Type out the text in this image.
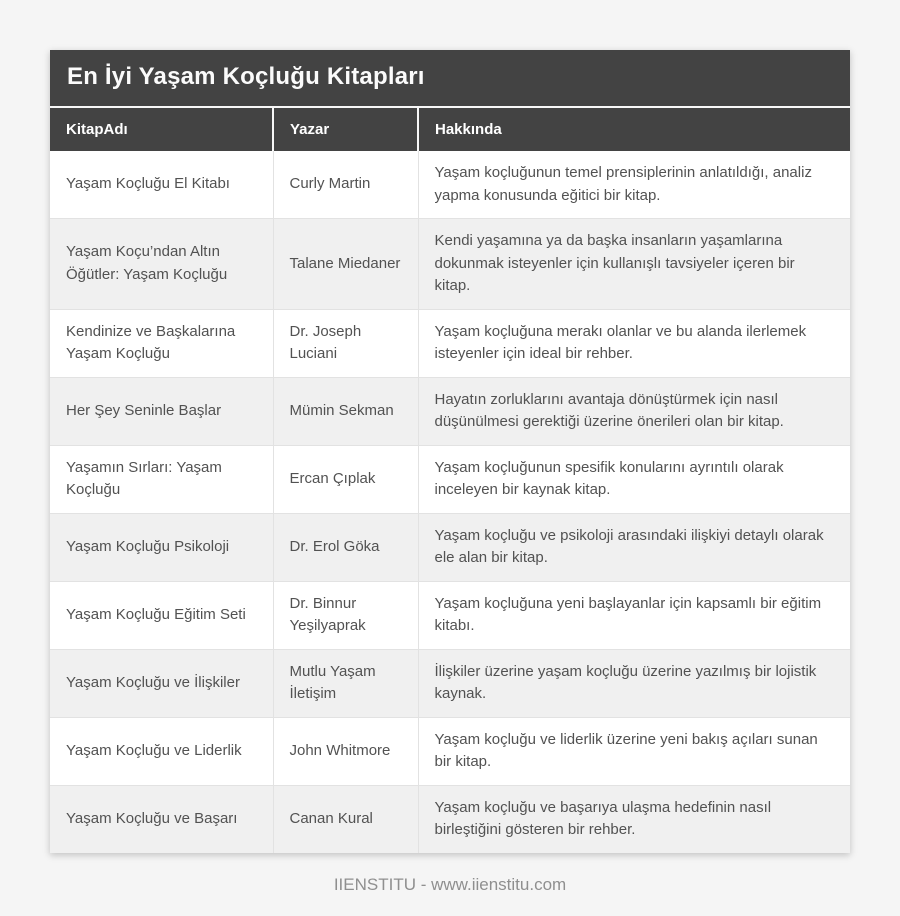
En İyi Yaşam Koçluğu Kitapları
KitapAdı	Yazar	Hakkında
Yaşam Koçluğu El Kitabı	Curly Martin	Yaşam koçluğunun temel prensiplerinin anlatıldığı, analiz yapma konusunda eğitici bir kitap.
Yaşam Koçu’ndan Altın Öğütler: Yaşam Koçluğu	Talane Miedaner	Kendi yaşamına ya da başka insanların yaşamlarına dokunmak isteyenler için kullanışlı tavsiyeler içeren bir kitap.
Kendinize ve Başkalarına Yaşam Koçluğu	Dr. Joseph Luciani	Yaşam koçluğuna merakı olanlar ve bu alanda ilerlemek isteyenler için ideal bir rehber.
Her Şey Seninle Başlar	Mümin Sekman	Hayatın zorluklarını avantaja dönüştürmek için nasıl düşünülmesi gerektiği üzerine önerileri olan bir kitap.
Yaşamın Sırları: Yaşam Koçluğu	Ercan Çıplak	Yaşam koçluğunun spesifik konularını ayrıntılı olarak inceleyen bir kaynak kitap.
Yaşam Koçluğu Psikoloji	Dr. Erol Göka	Yaşam koçluğu ve psikoloji arasındaki ilişkiyi detaylı olarak ele alan bir kitap.
Yaşam Koçluğu Eğitim Seti	Dr. Binnur Yeşilyaprak	Yaşam koçluğuna yeni başlayanlar için kapsamlı bir eğitim kitabı.
Yaşam Koçluğu ve İlişkiler	Mutlu Yaşam İletişim	İlişkiler üzerine yaşam koçluğu üzerine yazılmış bir lojistik kaynak.
Yaşam Koçluğu ve Liderlik	John Whitmore	Yaşam koçluğu ve liderlik üzerine yeni bakış açıları sunan bir kitap.
Yaşam Koçluğu ve Başarı	Canan Kural	Yaşam koçluğu ve başarıya ulaşma hedefinin nasıl birleştiğini gösteren bir rehber.
IIENSTITU - www.iienstitu.com
